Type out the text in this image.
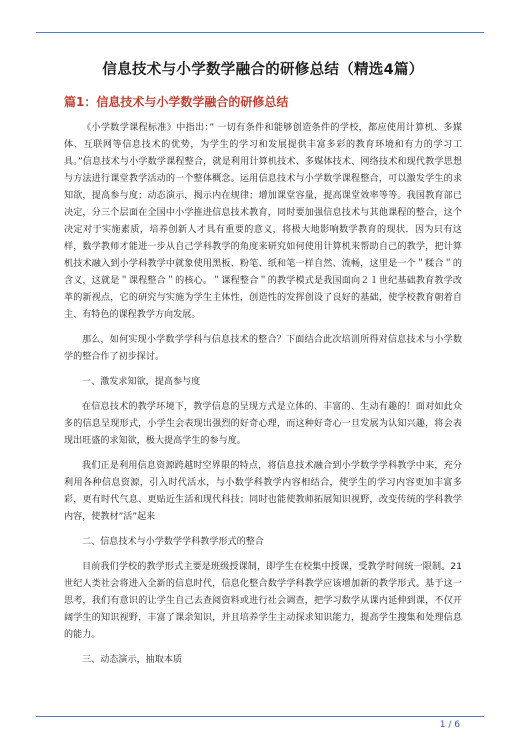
信息技术与小学数学融合的研修总结（精选4篇）
篇1：信息技术与小学数学融合的研修总结

《小学数学课程标准》中指出：” 一切有条件和能够创造条件的学校，都应使用计算机、多媒体、互联网等信息技术的优势，为学生的学习和发展提供丰富多彩的教育环境和有力的学习工具。”信息技术与小学数学课程整合，就是利用计算机技术、多媒体技术、网络技术和现代教学思想与方法进行课堂教学活动的一个整体概念。运用信息技术与小学数学课程整合，可以激发学生的求知欲，提高参与度；动态演示，揭示内在规律；增加课堂容量，提高课堂效率等等。我国教育部已决定，分三个层面在全国中小学推进信息技术教育，同时要加强信息技术与其他课程的整合，这个决定对于实施素质，培养创新人才具有重要的意义，将极大地影响数学教育的现状．因为只有这样，数学教师才能进一步从自己学科教学的角度来研究如何使用计算机来帮助自己的教学，把计算机技术融入到小学科教学中就象使用黑板、粉笔、纸和笔一样自然、流畅，这里是一个＂糅合＂的含义，这就是＂课程整合＂的核心。＂课程整合＂的教学模式是我国面向２１世纪基础教育教学改革的新视点，它的研究与实施为学生主体性，创造性的发挥创设了良好的基础，使学校教育朝着自主、有特色的课程教学方向发展。

那么，如何实现小学数学学科与信息技术的整合？下面结合此次培训所得对信息技术与小学数学的整合作了初步探讨。

一、激发求知欲，提高参与度

在信息技术的教学环境下，教学信息的呈现方式是立体的、丰富的、生动有趣的！面对如此众多的信息呈现形式，小学生会表现出强烈的好奇心理，而这种好奇心一旦发展为认知兴趣，将会表现出旺盛的求知欲，极大提高学生的参与度。

我们正是利用信息资源跨越时空界限的特点，将信息技术融合到小学数学学科教学中来，充分利用各种信息资源，引入时代活水，与小数学科教学内容相结合，使学生的学习内容更加丰富多彩，更有时代气息、更贴近生活和现代科技；同时也能使教师拓展知识视野，改变传统的学科教学内容，使教材”活”起来

二、信息技术与小学数学学科教学形式的整合

目前我们学校的教学形式主要是班级授课制，即学生在校集中授课，受教学时间统一限制。21世纪人类社会将进入全新的信息时代，信息化整合数学学科教学应该增加新的教学形式。基于这一思考，我们有意识的让学生自己去查阅资料或进行社会调查，把学习数学从课内延伸到课，不仅开阔学生的知识视野，丰富了课余知识，并且培养学生主动探求知识能力，提高学生搜集和处理信息的能力。

三、动态演示，抽取本质
1 / 6
